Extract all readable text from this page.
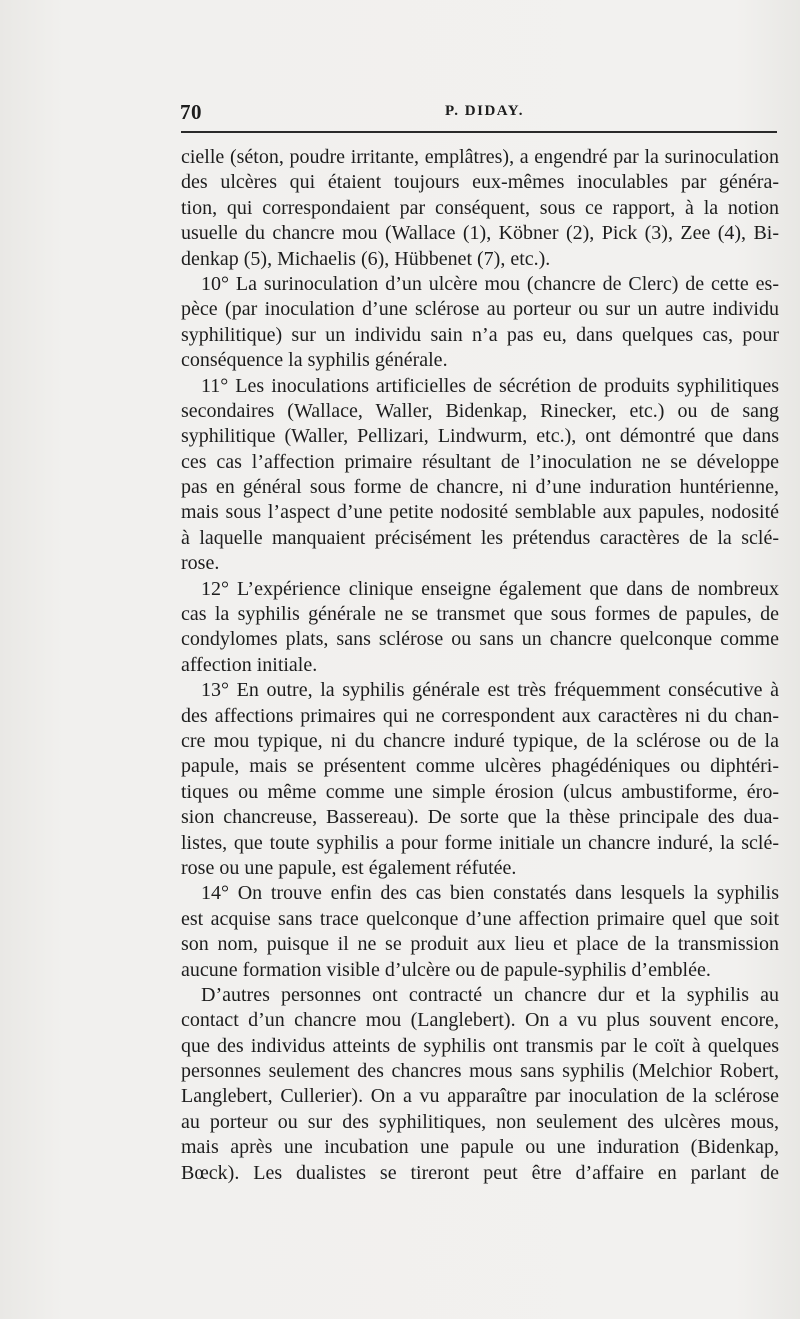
70	P. DIDAY.
cielle (séton, poudre irritante, emplâtres), a engendré par la surinoculation
des ulcères qui étaient toujours eux-mêmes inoculables par généra-
tion, qui correspondaient par conséquent, sous ce rapport, à la notion
usuelle du chancre mou (Wallace (1), Köbner (2), Pick (3), Zee (4), Bi-
denkap (5), Michaelis (6), Hübbenet (7), etc.).
10° La surinoculation d’un ulcère mou (chancre de Clerc) de cette es-
pèce (par inoculation d’une sclérose au porteur ou sur un autre individu
syphilitique) sur un individu sain n’a pas eu, dans quelques cas, pour
conséquence la syphilis générale.
11° Les inoculations artificielles de sécrétion de produits syphilitiques
secondaires (Wallace, Waller, Bidenkap, Rinecker, etc.) ou de sang
syphilitique (Waller, Pellizari, Lindwurm, etc.), ont démontré que dans
ces cas l’affection primaire résultant de l’inoculation ne se développe
pas en général sous forme de chancre, ni d’une induration huntérienne,
mais sous l’aspect d’une petite nodosité semblable aux papules, nodosité
à laquelle manquaient précisément les prétendus caractères de la sclé-
rose.
12° L’expérience clinique enseigne également que dans de nombreux
cas la syphilis générale ne se transmet que sous formes de papules, de
condylomes plats, sans sclérose ou sans un chancre quelconque comme
affection initiale.
13° En outre, la syphilis générale est très fréquemment consécutive à
des affections primaires qui ne correspondent aux caractères ni du chan-
cre mou typique, ni du chancre induré typique, de la sclérose ou de la
papule, mais se présentent comme ulcères phagédéniques ou diphtéri-
tiques ou même comme une simple érosion (ulcus ambustiforme, éro-
sion chancreuse, Bassereau). De sorte que la thèse principale des dua-
listes, que toute syphilis a pour forme initiale un chancre induré, la sclé-
rose ou une papule, est également réfutée.
14° On trouve enfin des cas bien constatés dans lesquels la syphilis
est acquise sans trace quelconque d’une affection primaire quel que soit
son nom, puisque il ne se produit aux lieu et place de la transmission
aucune formation visible d’ulcère ou de papule-syphilis d’emblée.
D’autres personnes ont contracté un chancre dur et la syphilis au
contact d’un chancre mou (Langlebert). On a vu plus souvent encore,
que des individus atteints de syphilis ont transmis par le coït à quelques
personnes seulement des chancres mous sans syphilis (Melchior Robert,
Langlebert, Cullerier). On a vu apparaître par inoculation de la sclérose
au porteur ou sur des syphilitiques, non seulement des ulcères mous,
mais après une incubation une papule ou une induration (Bidenkap,
Bœck). Les dualistes se tireront peut être d’affaire en parlant de
